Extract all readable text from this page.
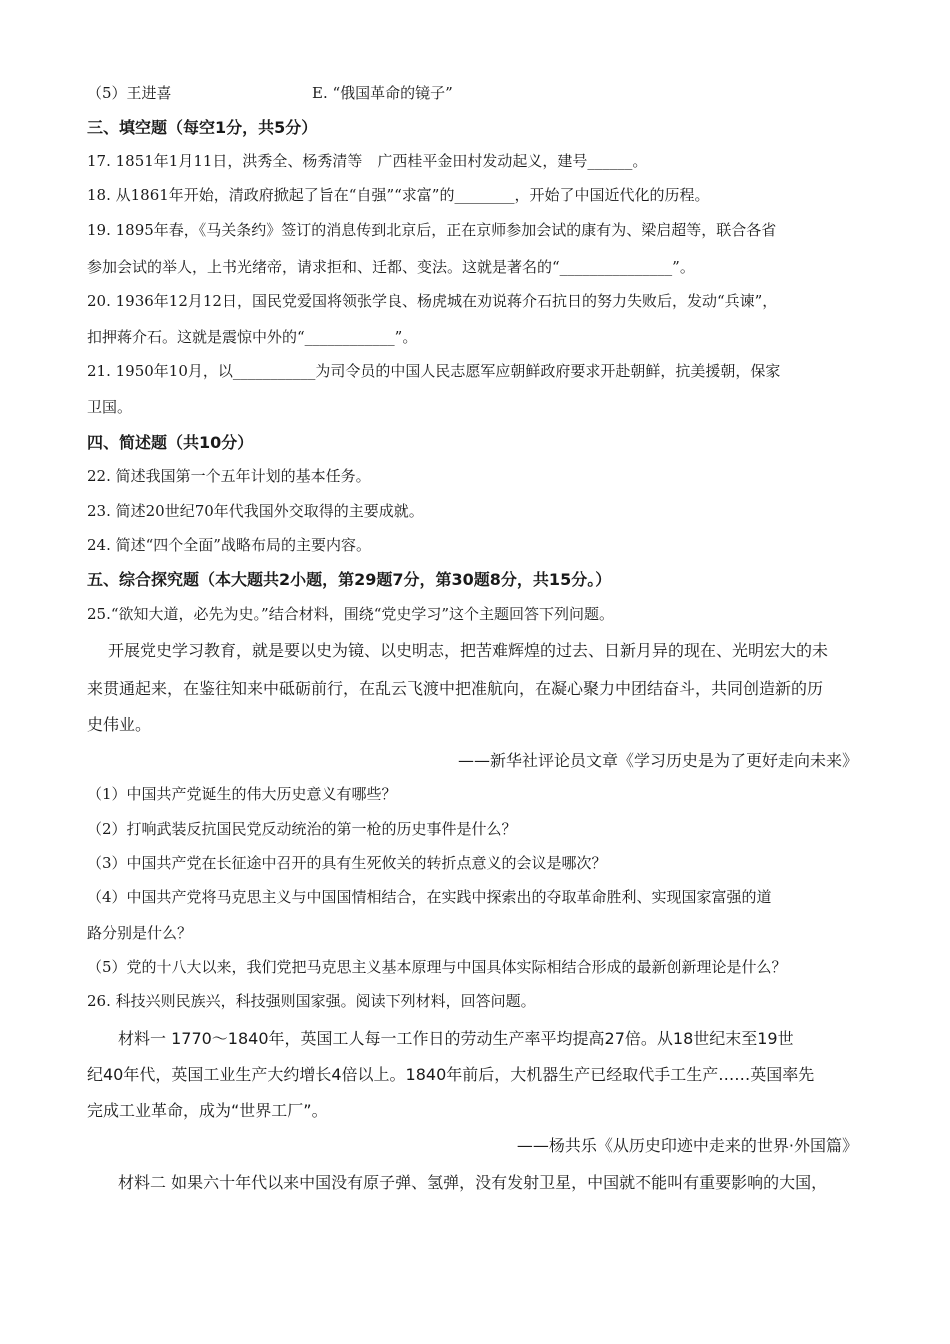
（5）王进喜	E. “俄国革命的镜子”
三、填空题（每空1分，共5分）
17. 1851年1月11日，洪秀全、杨秀清等　广西桂平金田村发动起义，建号______。
18. 从1861年开始，清政府掀起了旨在“自强”“求富”的________，开始了中国近代化的历程。
19. 1895年春，《马关条约》签订的消息传到北京后，正在京师参加会试的康有为、梁启超等，联合各省
参加会试的举人，上书光绪帝，请求拒和、迁都、变法。这就是著名的“_______________”。
20. 1936年12月12日，国民党爱国将领张学良、杨虎城在劝说蒋介石抗日的努力失败后，发动“兵谏”，
扣押蒋介石。这就是震惊中外的“____________”。
21. 1950年10月，以___________为司令员的中国人民志愿军应朝鲜政府要求开赴朝鲜，抗美援朝，保家
卫国。
四、简述题（共10分）
22. 简述我国第一个五年计划的基本任务。
23. 简述20世纪70年代我国外交取得的主要成就。
24. 简述“四个全面”战略布局的主要内容。
五、综合探究题（本大题共2小题，第29题7分，第30题8分，共15分。）
25.“欲知大道，必先为史。”结合材料，围绕“党史学习”这个主题回答下列问题。
开展党史学习教育，就是要以史为镜、以史明志，把苦难辉煌的过去、日新月异的现在、光明宏大的未
来贯通起来，在鉴往知来中砥砺前行，在乱云飞渡中把准航向，在凝心聚力中团结奋斗，共同创造新的历
史伟业。
——新华社评论员文章《学习历史是为了更好走向未来》
（1）中国共产党诞生的伟大历史意义有哪些？
（2）打响武装反抗国民党反动统治的第一枪的历史事件是什么？
（3）中国共产党在长征途中召开的具有生死攸关的转折点意义的会议是哪次？
（4）中国共产党将马克思主义与中国国情相结合，在实践中探索出的夺取革命胜利、实现国家富强的道
路分别是什么？
（5）党的十八大以来，我们党把马克思主义基本原理与中国具体实际相结合形成的最新创新理论是什么？
26. 科技兴则民族兴，科技强则国家强。阅读下列材料，回答问题。
材料一 1770～1840年，英国工人每一工作日的劳动生产率平均提高27倍。从18世纪末至19世
纪40年代，英国工业生产大约增长4倍以上。1840年前后，大机器生产已经取代手工生产……英国率先
完成工业革命，成为“世界工厂”。
——杨共乐《从历史印迹中走来的世界·外国篇》
材料二 如果六十年代以来中国没有原子弹、氢弹，没有发射卫星，中国就不能叫有重要影响的大国，
